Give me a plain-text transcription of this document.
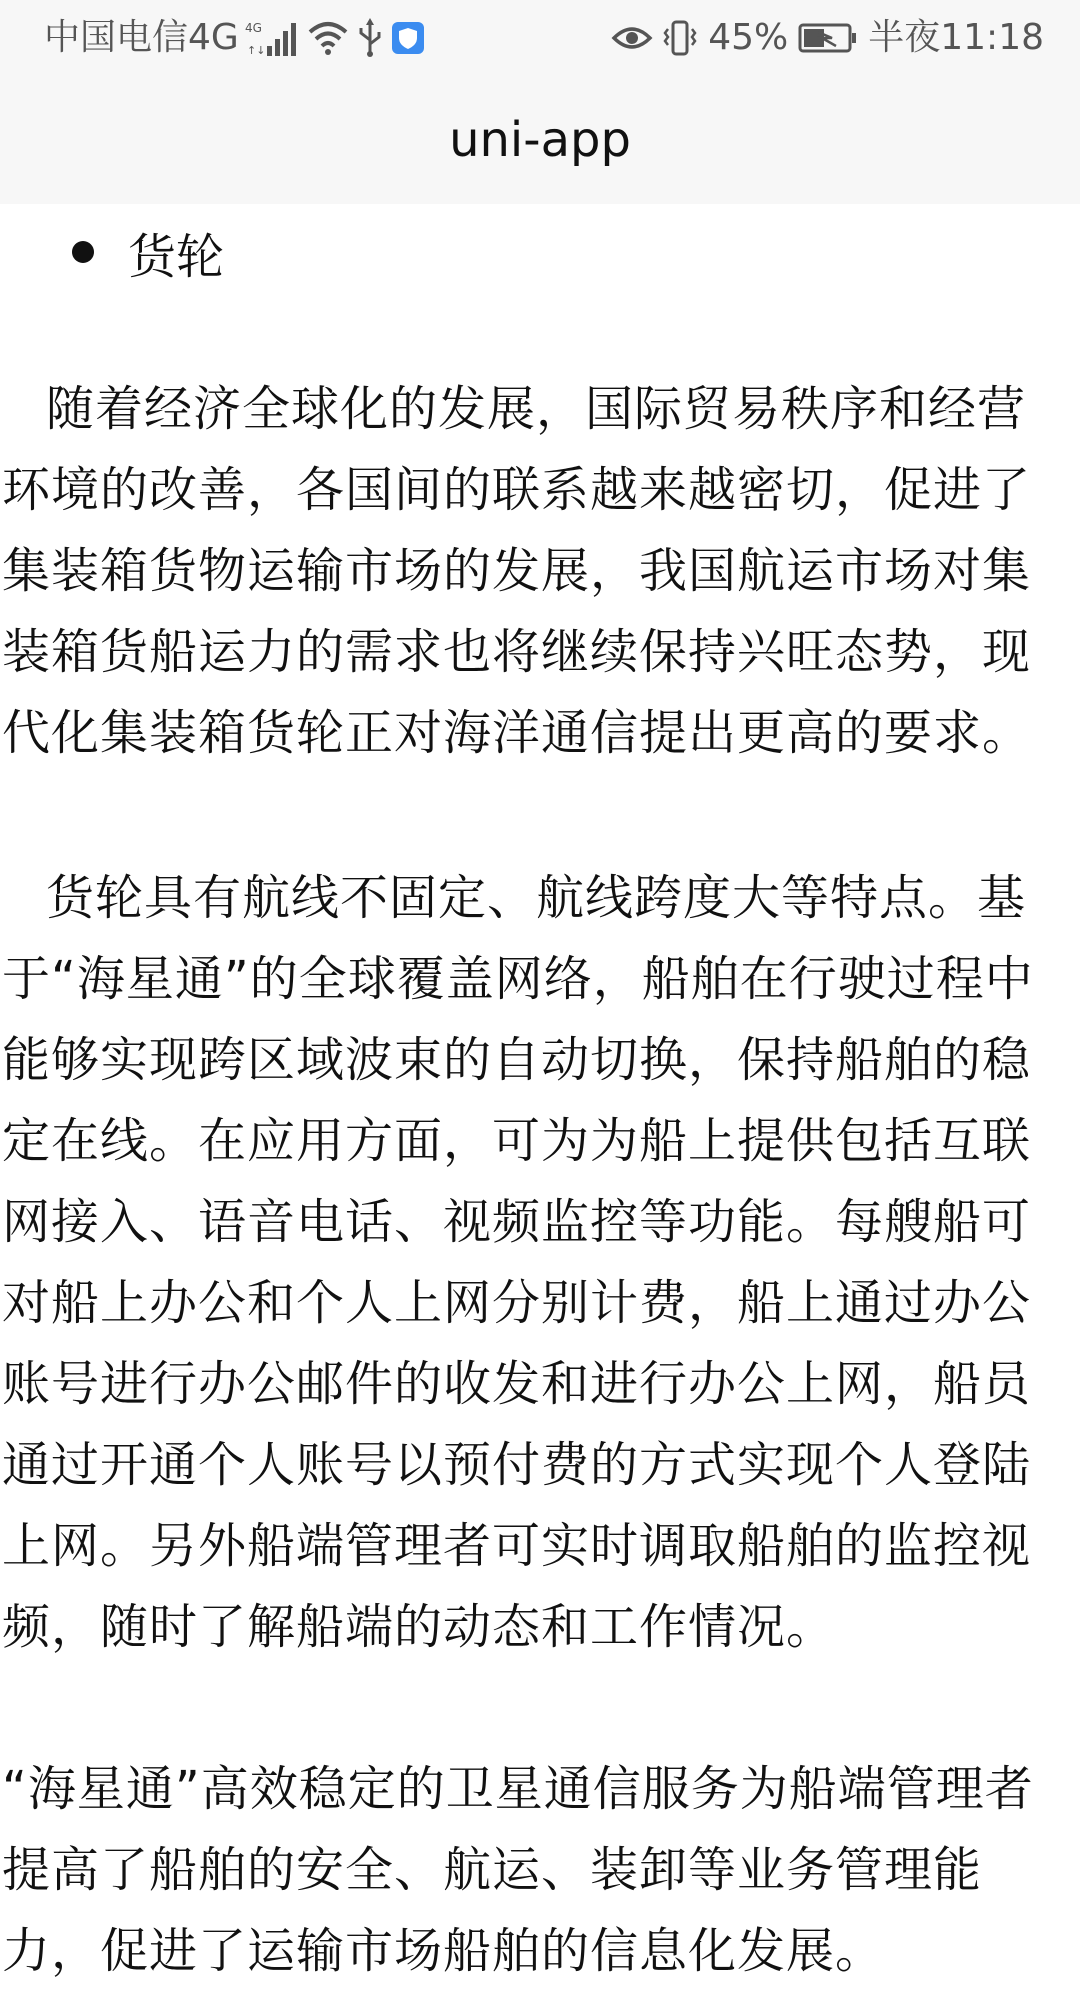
中国电信4G 4G
↑↓	45% 半夜11:18
uni-app
货轮

随着经济全球化的发展，国际贸易秩序和经营环境的改善，各国间的联系越来越密切，促进了集装箱货物运输市场的发展，我国航运市场对集装箱货船运力的需求也将继续保持兴旺态势，现代化集装箱货轮正对海洋通信提出更高的要求。

货轮具有航线不固定、航线跨度大等特点。基于“海星通”的全球覆盖网络，船舶在行驶过程中能够实现跨区域波束的自动切换，保持船舶的稳定在线。在应用方面，可为为船上提供包括互联网接入、语音电话、视频监控等功能。每艘船可对船上办公和个人上网分别计费，船上通过办公账号进行办公邮件的收发和进行办公上网，船员通过开通个人账号以预付费的方式实现个人登陆上网。另外船端管理者可实时调取船舶的监控视频，随时了解船端的动态和工作情况。

“海星通”高效稳定的卫星通信服务为船端管理者提高了船舶的安全、航运、装卸等业务管理能力，促进了运输市场船舶的信息化发展。
